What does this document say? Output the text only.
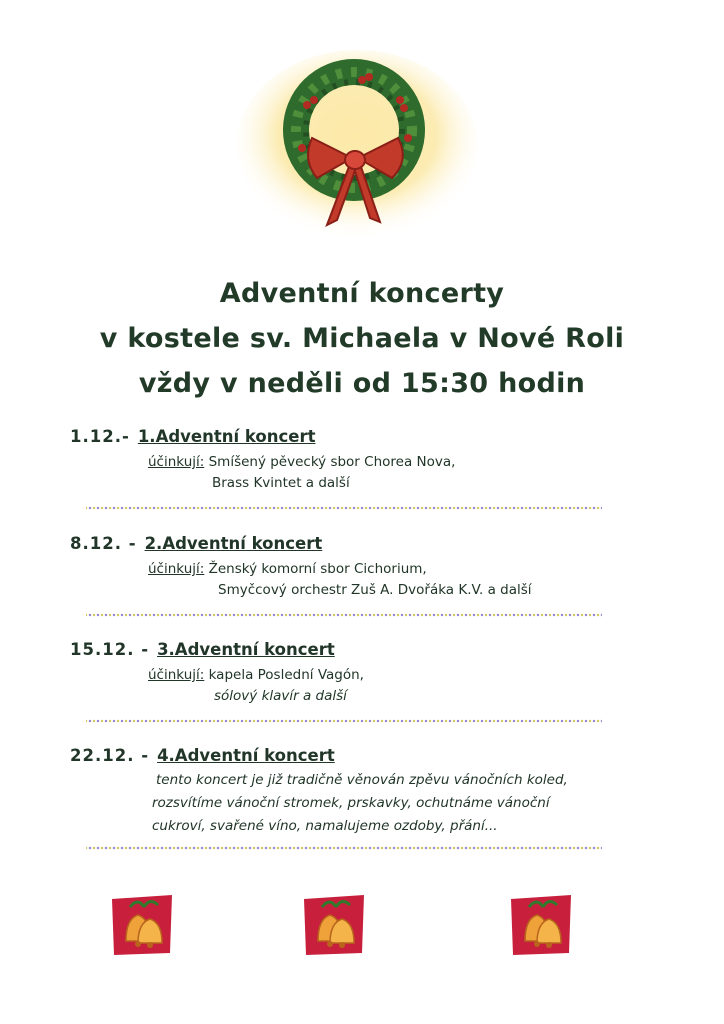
Adventní koncerty
v kostele sv. Michaela v Nové Roli
vždy v neděli od 15:30 hodin
1.12.- 1.Adventní koncert
účinkují: Smíšený pěvecký sbor Chorea Nova,
Brass Kvintet a další
8.12. - 2.Adventní koncert
účinkují: Ženský komorní sbor Cichorium,
Smyčcový orchestr Zuš A. Dvořáka K.V. a další
15.12. - 3.Adventní koncert
účinkují: kapela Poslední Vagón,
sólový klavír a další
22.12. - 4.Adventní koncert
tento koncert je již tradičně věnován zpěvu vánočních koled,
rozsvítíme vánoční stromek, prskavky, ochutnáme vánoční
cukroví, svařené víno, namalujeme ozdoby, přání...
